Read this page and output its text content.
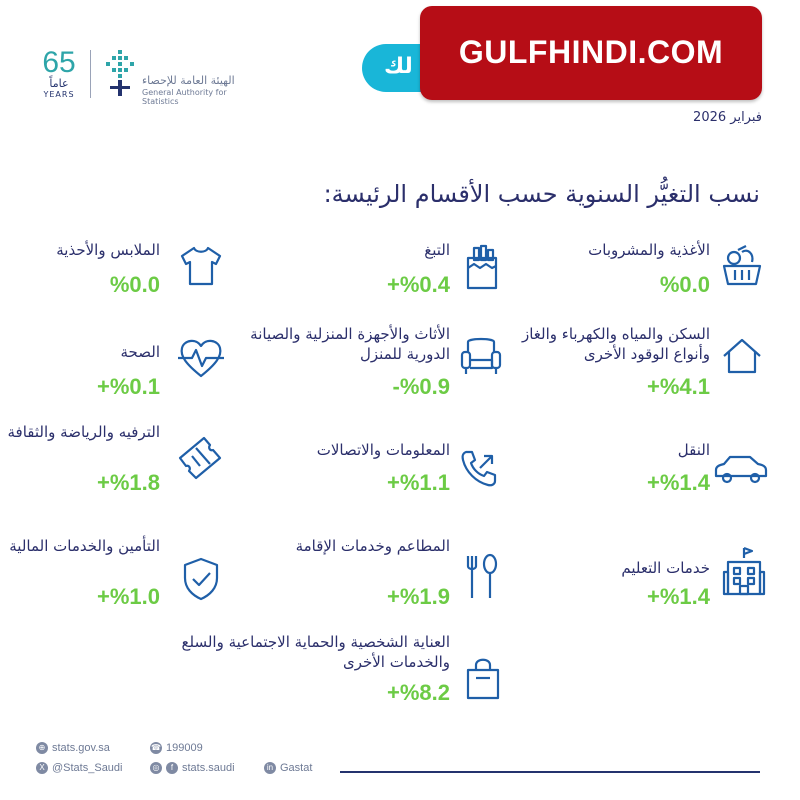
65
عاماً
YEARS
الهيئة العامة للإحصاء
General Authority for Statistics
لك	GULFHINDI.COM
فبراير 2026
نسب التغيُّر السنوية حسب الأقسام الرئيسة:
الأغذية والمشروبات
%0.0
التبغ
+%0.4
الملابس والأحذية
%0.0
السكن والمياه والكهرباء والغاز وأنواع الوقود الأخرى
+%4.1
الأثاث والأجهزة المنزلية والصيانة الدورية للمنزل
-%0.9
الصحة
+%0.1
النقل
+%1.4
المعلومات والاتصالات
+%1.1
الترفيه والرياضة والثقافة
+%1.8
خدمات التعليم
+%1.4
المطاعم وخدمات الإقامة
+%1.9
التأمين والخدمات المالية
+%1.0
العناية الشخصية والحماية الاجتماعية والسلع والخدمات الأخرى
+%8.2
⊕ stats.gov.sa	☎ 199009
X @Stats_Saudi	◎ f stats.saudi	in Gastat
